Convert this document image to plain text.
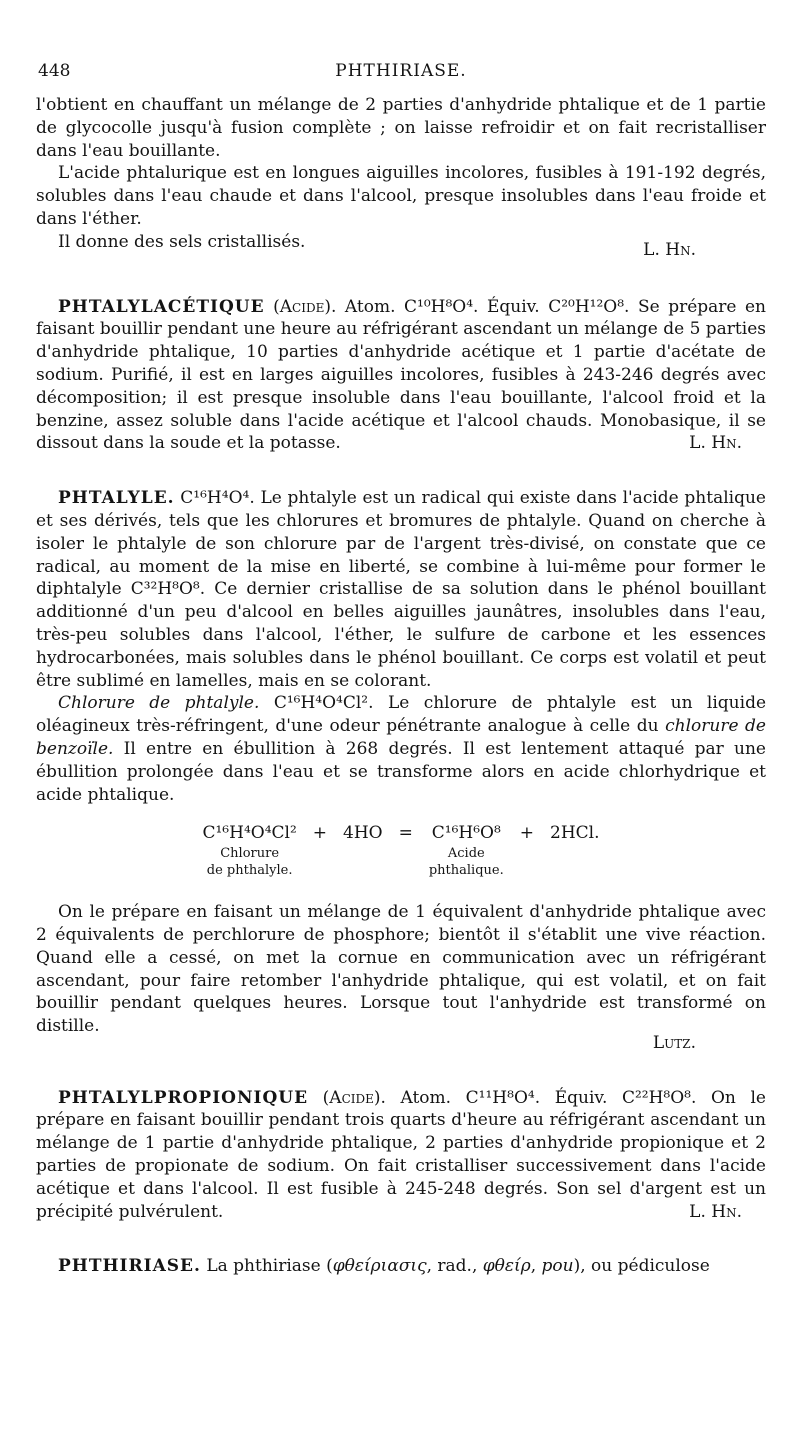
448	PHTHIRIASE.

l'obtient en chauffant un mélange de 2 parties d'anhydride phtalique et de 1 partie de glycocolle jusqu'à fusion complète ; on laisse refroidir et on fait recristalliser dans l'eau bouillante.

L'acide phtalurique est en longues aiguilles incolores, fusibles à 191-192 degrés, solubles dans l'eau chaude et dans l'alcool, presque insolubles dans l'eau froide et dans l'éther.

Il donne des sels cristallisés.	L. Hn.

PHTALYLACÉTIQUE (Acide). Atom. C¹⁰H⁸O⁴. Équiv. C²⁰H¹²O⁸. Se prépare en faisant bouillir pendant une heure au réfrigérant ascendant un mélange de 5 parties d'anhydride phtalique, 10 parties d'anhydride acétique et 1 partie d'acétate de sodium. Purifié, il est en larges aiguilles incolores, fusibles à 243-246 degrés avec décomposition; il est presque insoluble dans l'eau bouillante, l'alcool froid et la benzine, assez soluble dans l'acide acétique et l'alcool chauds. Monobasique, il se dissout dans la soude et la potasse.	L. Hn.

PHTALYLE. C¹⁶H⁴O⁴. Le phtalyle est un radical qui existe dans l'acide phtalique et ses dérivés, tels que les chlorures et bromures de phtalyle. Quand on cherche à isoler le phtalyle de son chlorure par de l'argent très-divisé, on constate que ce radical, au moment de la mise en liberté, se combine à lui-même pour former le diphtalyle C³²H⁸O⁸. Ce dernier cristallise de sa solution dans le phénol bouillant additionné d'un peu d'alcool en belles aiguilles jaunâtres, insolubles dans l'eau, très-peu solubles dans l'alcool, l'éther, le sulfure de carbone et les essences hydrocarbonées, mais solubles dans le phénol bouillant. Ce corps est volatil et peut être sublimé en lamelles, mais en se colorant.

Chlorure de phtalyle. C¹⁶H⁴O⁴Cl². Le chlorure de phtalyle est un liquide oléagineux très-réfringent, d'une odeur pénétrante analogue à celle du chlorure de benzoïle. Il entre en ébullition à 268 degrés. Il est lentement attaqué par une ébullition prolongée dans l'eau et se transforme alors en acide chlorhydrique et acide phtalique.

C¹⁶H⁴O⁴Cl²
Chlorure
de phthalyle.
+ 4HO = C¹⁶H⁶O⁸
Acide
phthalique.
+ 2HCl.

On le prépare en faisant un mélange de 1 équivalent d'anhydride phtalique avec 2 équivalents de perchlorure de phosphore; bientôt il s'établit une vive réaction. Quand elle a cessé, on met la cornue en communication avec un réfrigérant ascendant, pour faire retomber l'anhydride phtalique, qui est volatil, et on fait bouillir pendant quelques heures. Lorsque tout l'anhydride est transformé on distille.

Lutz.

PHTALYLPROPIONIQUE (Acide). Atom. C¹¹H⁸O⁴. Équiv. C²²H⁸O⁸. On le prépare en faisant bouillir pendant trois quarts d'heure au réfrigérant ascendant un mélange de 1 partie d'anhydride phtalique, 2 parties d'anhydride propionique et 2 parties de propionate de sodium. On fait cristalliser successivement dans l'acide acétique et dans l'alcool. Il est fusible à 245-248 degrés. Son sel d'argent est un précipité pulvérulent.	L. Hn.

PHTHIRIASE. La phthiriase (φθείριασις, rad., φθείρ, pou), ou pédiculose
